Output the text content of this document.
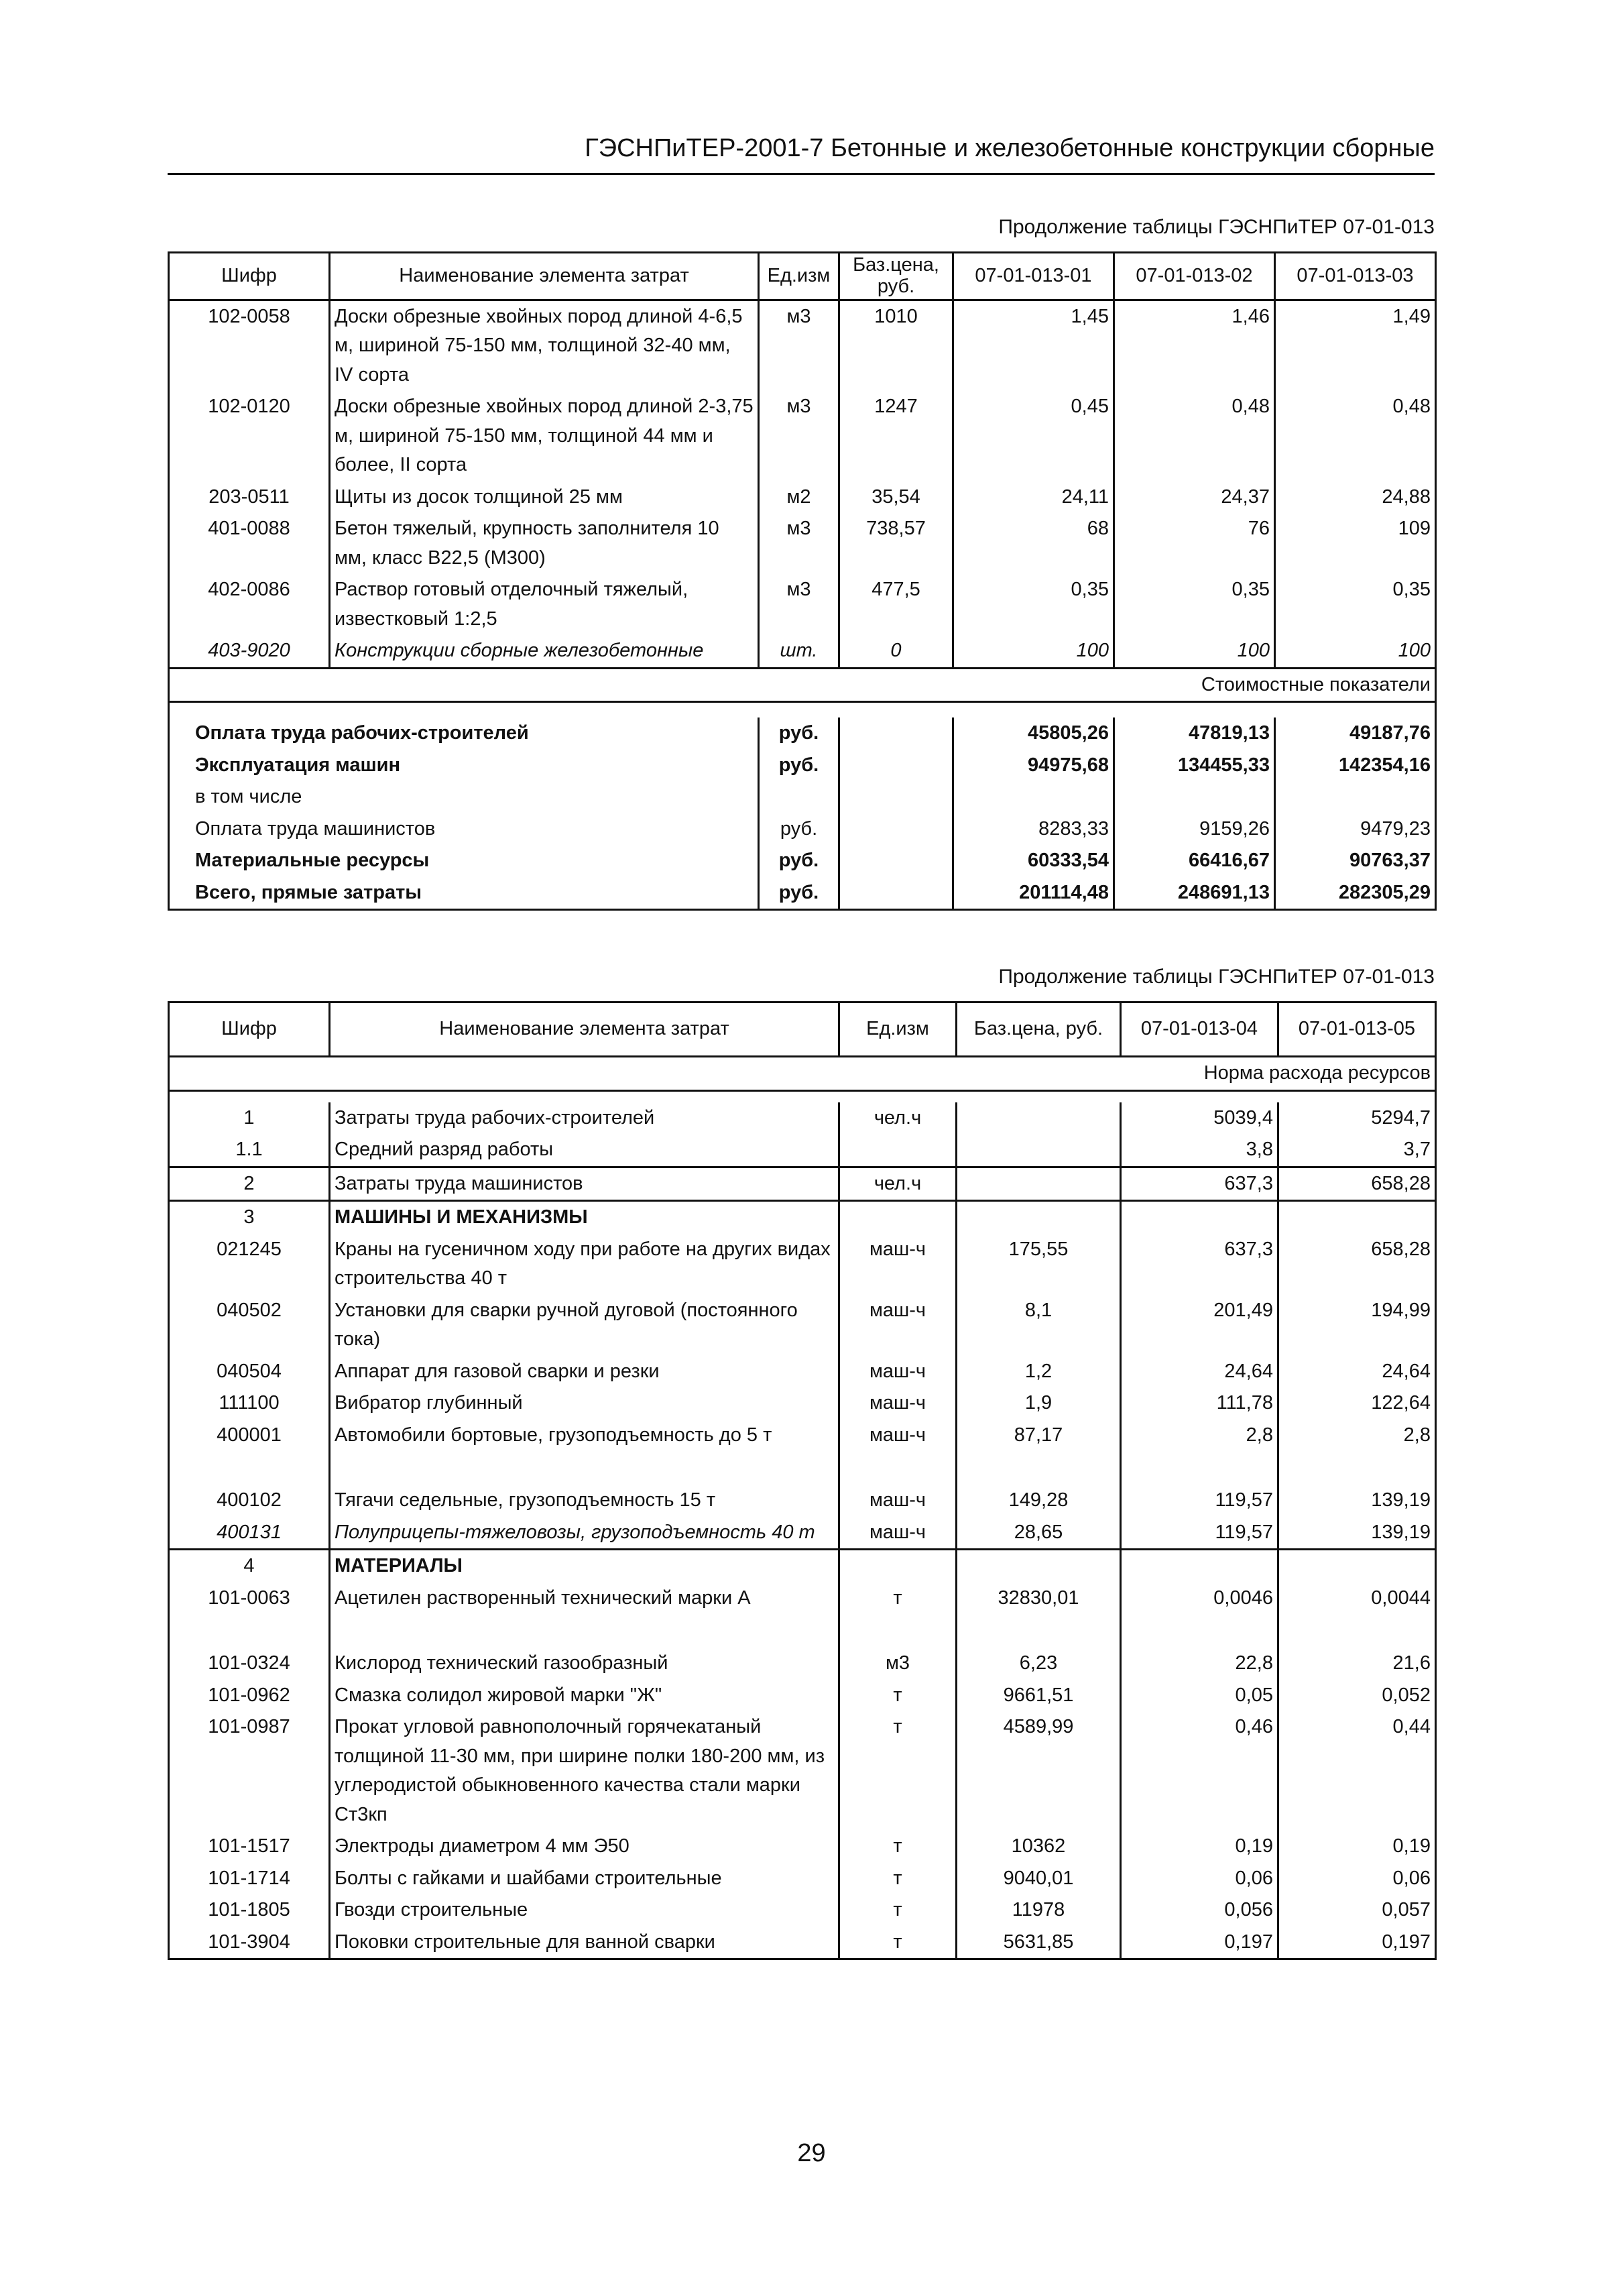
ГЭСНПиТЕР-2001-7 Бетонные и железобетонные конструкции сборные
Продолжение таблицы ГЭСНПиТЕР 07-01-013
Шифр	Наименование элемента затрат	Ед.изм	Баз.цена, руб.	07-01-013-01	07-01-013-02	07-01-013-03
102-0058	Доски обрезные хвойных пород длиной 4-6,5 м, шириной 75-150 мм, толщиной 32-40 мм, IV сорта	м3	1010	1,45	1,46	1,49
102-0120	Доски обрезные хвойных пород длиной 2-3,75 м, шириной 75-150 мм, толщиной 44 мм и более, II сорта	м3	1247	0,45	0,48	0,48
203-0511	Щиты из досок толщиной 25 мм	м2	35,54	24,11	24,37	24,88
401-0088	Бетон тяжелый, крупность заполнителя 10 мм, класс B22,5 (M300)	м3	738,57	68	76	109
402-0086	Раствор готовый отделочный тяжелый, известковый 1:2,5	м3	477,5	0,35	0,35	0,35
403-9020	Конструкции сборные железобетонные	шт.	0	100	100	100
Стоимостные показатели						

Оплата труда рабочих-строителей		руб.		45805,26	47819,13	49187,76
Эксплуатация машин		руб.		94975,68	134455,33	142354,16
в том числе						
Оплата труда машинистов		руб.		8283,33	9159,26	9479,23
Материальные ресурсы		руб.		60333,54	66416,67	90763,37
Всего, прямые затраты		руб.		201114,48	248691,13	282305,29
Продолжение таблицы ГЭСНПиТЕР 07-01-013
Шифр	Наименование элемента затрат	Ед.изм	Баз.цена, руб.	07-01-013-04	07-01-013-05
Норма расхода ресурсов					

1	Затраты труда рабочих-строителей	чел.ч		5039,4	5294,7
1.1	Средний разряд работы			3,8	3,7
2	Затраты труда машинистов	чел.ч		637,3	658,28
3	МАШИНЫ И МЕХАНИЗМЫ				
021245	Краны на гусеничном ходу при работе на других видах строительства 40 т	маш-ч	175,55	637,3	658,28
040502	Установки для сварки ручной дуговой (постоянного тока)	маш-ч	8,1	201,49	194,99
040504	Аппарат для газовой сварки и резки	маш-ч	1,2	24,64	24,64
111100	Вибратор глубинный	маш-ч	1,9	111,78	122,64
400001	Автомобили бортовые, грузоподъемность до 5 т	маш-ч	87,17	2,8	2,8
400102	Тягачи седельные, грузоподъемность 15 т	маш-ч	149,28	119,57	139,19
400131	Полуприцепы-тяжеловозы, грузоподъемность 40 т	маш-ч	28,65	119,57	139,19
4	МАТЕРИАЛЫ				
101-0063	Ацетилен растворенный технический марки А	т	32830,01	0,0046	0,0044
101-0324	Кислород технический газообразный	м3	6,23	22,8	21,6
101-0962	Смазка солидол жировой марки "Ж"	т	9661,51	0,05	0,052
101-0987	Прокат угловой равнополочный горячекатаный толщиной 11-30 мм, при ширине полки 180-200 мм, из углеродистой обыкновенного качества стали марки Ст3кп	т	4589,99	0,46	0,44
101-1517	Электроды диаметром 4 мм Э50	т	10362	0,19	0,19
101-1714	Болты с гайками и шайбами строительные	т	9040,01	0,06	0,06
101-1805	Гвозди строительные	т	11978	0,056	0,057
101-3904	Поковки строительные для ванной сварки	т	5631,85	0,197	0,197
29
